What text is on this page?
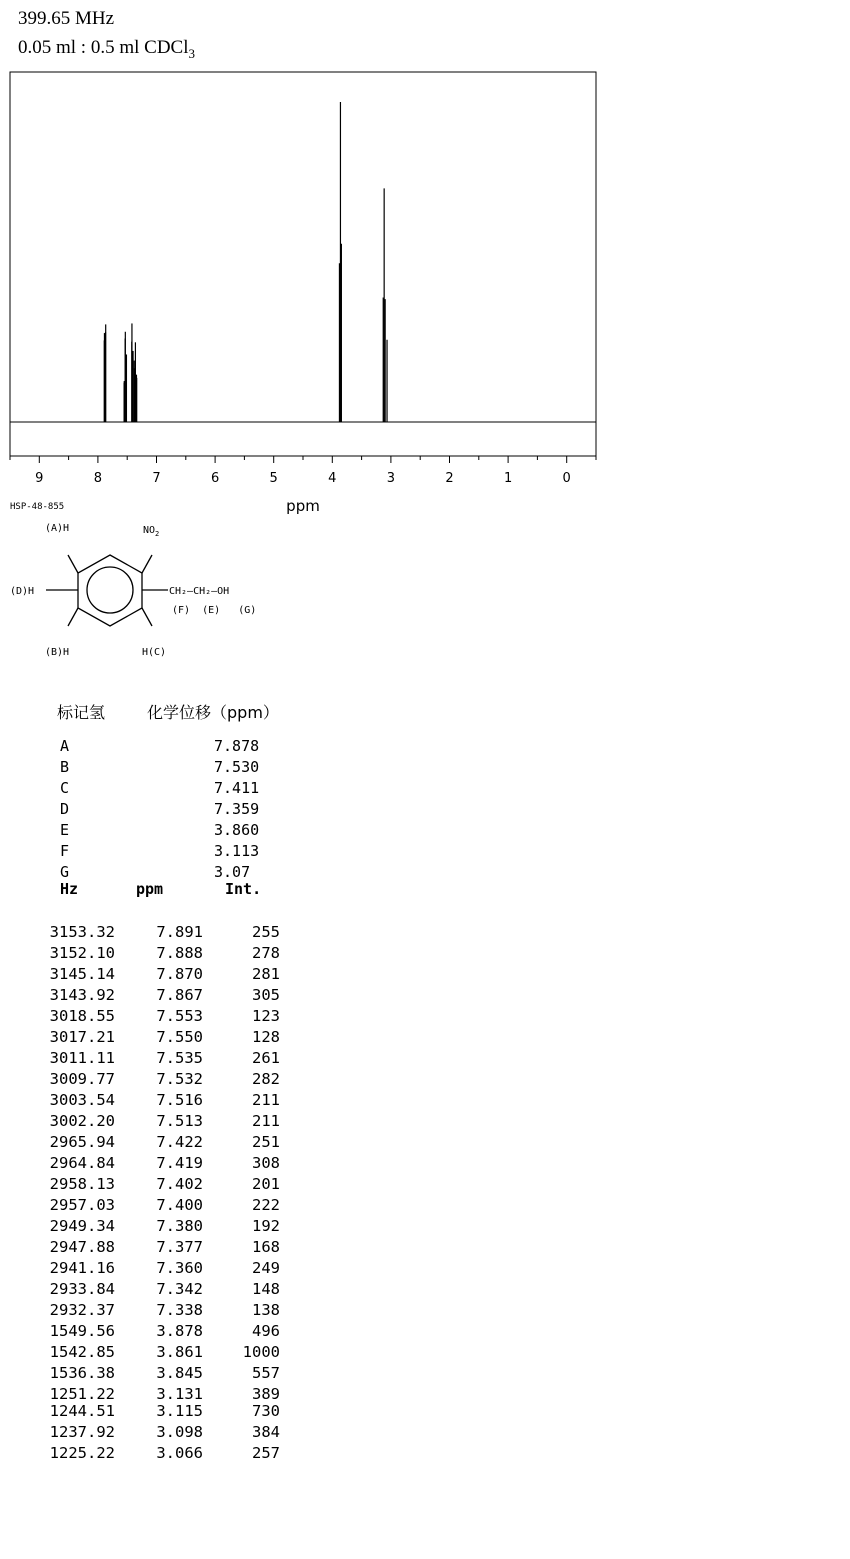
399.65 MHz
0.05 ml : 0.5 ml CDCl$_3$
9	8	7	6	5	4	3	2	1	0
ppm
HSP-48-855
(A)H	$NO_2$
(D)H	CH₂—CH₂—OH
(F)  (E)   (G)
(B)H	H(C)
标记氢	化学位移（ppm）
A	7.878
B	7.530
C	7.411
D	7.359
E	3.860
F	3.113
G	3.07
Hz	ppm	Int.
3153.32	7.891	255
3152.10	7.888	278
3145.14	7.870	281
3143.92	7.867	305
3018.55	7.553	123
3017.21	7.550	128
3011.11	7.535	261
3009.77	7.532	282
3003.54	7.516	211
3002.20	7.513	211
2965.94	7.422	251
2964.84	7.419	308
2958.13	7.402	201
2957.03	7.400	222
2949.34	7.380	192
2947.88	7.377	168
2941.16	7.360	249
2933.84	7.342	148
2932.37	7.338	138
1549.56	3.878	496
1542.85	3.861	1000
1536.38	3.845	557
1251.22	3.131	389
1244.51	3.115	730
1237.92	3.098	384
1225.22	3.066	257
